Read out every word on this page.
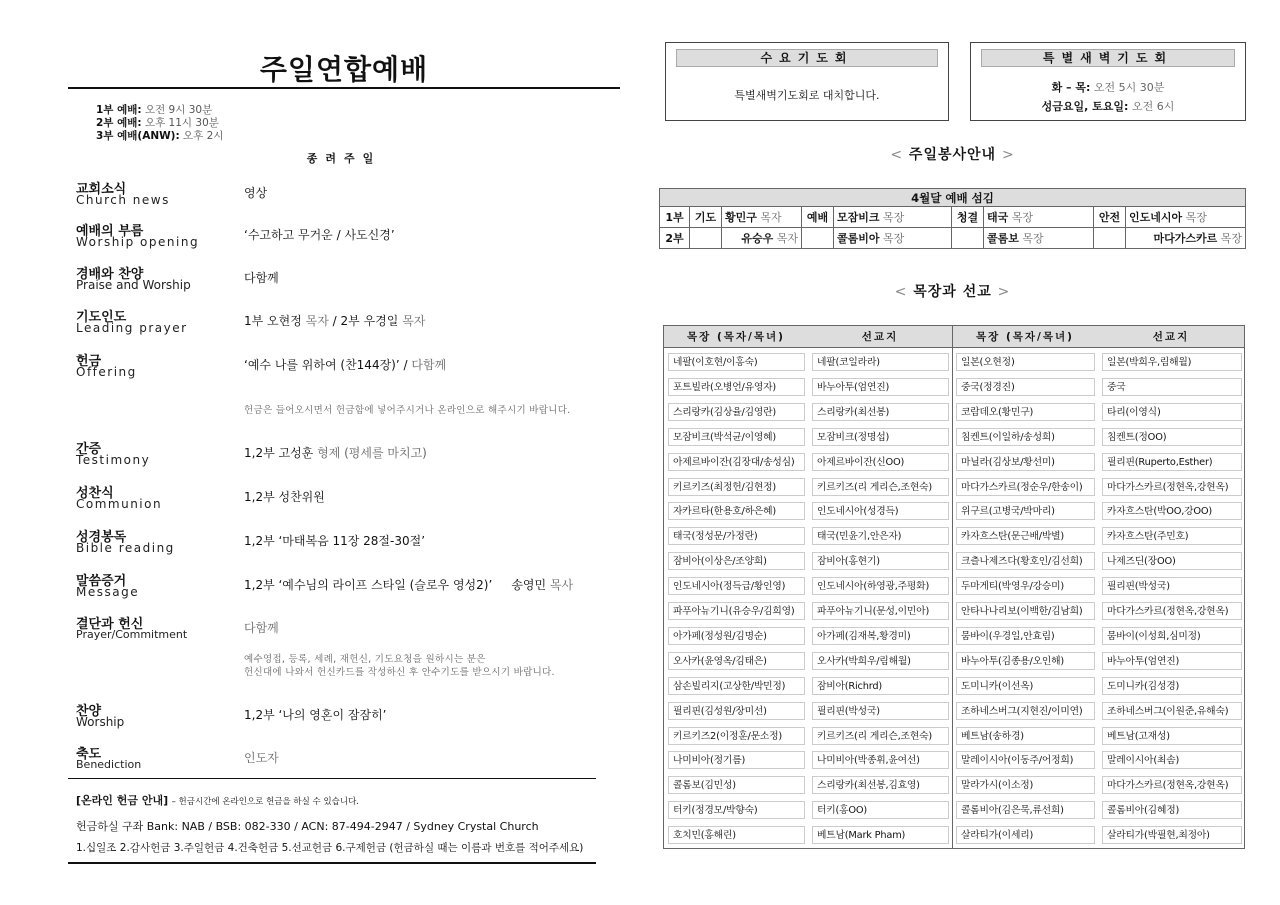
주일연합예배
1부 예배: 오전 9시 30분
2부 예배: 오후 11시 30분
3부 예배(ANW): 오후 2시
종려주일
교회소식
Church news	영상
예배의 부름
Worship opening	‘수고하고 무거운 / 사도신경’
경배와 찬양
Praise and Worship	다함께
기도인도
Leading prayer	1부 오현정 목자 / 2부 우경일 목자
헌금
Offering	‘예수 나를 위하여 (찬144장)’ / 다함께
헌금은 들어오시면서 헌금함에 넣어주시거나 온라인으로 해주시기 바랍니다.
간증
Testimony	1,2부 고성훈 형제 (평세를 마치고)
성찬식
Communion	1,2부 성찬위원
성경봉독
Bible reading	1,2부 ‘마태복음 11장 28절-30절’
말씀증거
Message	1,2부 ‘예수님의 라이프 스타일 (슬로우 영성2)’     송영민 목사
결단과 헌신
Prayer/Commitment	다함께
예수영접, 등록, 세례, 재헌신, 기도요청을 원하시는 분은
헌신대에 나와서 헌신카드를 작성하신 후 안수기도를 받으시기 바랍니다.
찬양
Worship	1,2부 ‘나의 영혼이 잠잠히’
축도
Benediction	인도자
[온라인 헌금 안내] – 헌금시간에 온라인으로 헌금을 하실 수 있습니다.
헌금하실 구좌 Bank: NAB / BSB: 082-330 / ACN: 87-494-2947 / Sydney Crystal Church
1.십일조 2.감사헌금 3.주일헌금 4.건축헌금 5.선교헌금 6.구제헌금 (헌금하실 때는 이름과 번호를 적어주세요)
수요기도회
특별새벽기도회로 대치합니다.
특별새벽기도회
화 – 목: 오전 5시 30분
성금요일, 토요일: 오전 6시
< 주일봉사안내 >
4월달 예배 섬김								
1부	기도	황민구 목자	예배	모잠비크 목장	청결	태국 목장	안전	인도네시아 목장
2부		유승우 목자		콜롬비아 목장		콜롬보 목장		마다가스카르 목장
< 목장과 선교 >
목장 (목자/목녀)	선교지	목장 (목자/목녀)	선교지
네팔(이호현/이홍숙)	네팔(코일라라)	일본(오현정)	일본(박희우,림해월)
포트빌라(오병언/유영자)	바누아투(엄연진)	중국(정경진)	중국
스리랑카(김상율/김영란)	스리랑카(최선봉)	코람데오(황민구)	타리(이영식)
모잠비크(박석균/이영혜)	모잠비크(정명섭)	침켄트(이일하/송성희)	침켄트(정OO)
아제르바이잔(김장대/송성심)	아제르바이잔(신OO)	마닐라(김상보/황선미)	필리핀(Ruperto,Esther)
키르키즈(최정헌/김현정)	키르키즈(리 게리슨,조현숙)	마다가스카르(정순우/한송이)	마다가스카르(정현옥,강현옥)
자카르타(한용호/하은혜)	인도네시아(성경득)	위구르(고병국/박마리)	카자흐스탄(박OO,강OO)
태국(정성문/가정란)	태국(민윤기,안은자)	카자흐스탄(문근배/박별)	카자흐스탄(주민호)
잠비아(이상은/조양희)	잠비아(홍현기)	크츨나제즈다(황호인/김선희)	나제즈딘(장OO)
인도네시아(정득급/황인영)	인도네시아(하영광,주평화)	두마게티(박영우/강승미)	필리핀(박성국)
파푸아뉴기니(유승우/김희영)	파푸아뉴기니(문성,이민아)	안타나나리보(이백한/김남희)	마다가스카르(정현옥,강현옥)
아가페(정성원/김명순)	아가페(김재복,황경미)	뭄바이(우경일,안효림)	뭄바이(이성희,심미정)
오사카(윤영옥/김태은)	오사카(박희우/림해월)	바누아투(김종용/오인해)	바누아투(엄연진)
삼손빌리지(고상한/박민정)	잠비아(Richrd)	도미니카(이선옥)	도미니카(김성경)
필리핀(김성원/장미선)	필리핀(박성국)	조하네스버그(지현진/이미연)	조하네스버그(이원준,유해숙)
키르키즈2(이정훈/문소정)	키르키즈(리 게리슨,조현숙)	베트남(송하경)	베트남(고재성)
나미비아(정기름)	나미비아(박종휘,윤여선)	말레이시아(이동주/어정희)	말레이시아(최솜)
콜롬보(김민성)	스리랑카(최선봉,김효영)	말라가시(이소정)	마다가스카르(정현옥,강현옥)
터키(정경모/박향숙)	터키(홍OO)	콜롬비아(김은묵,류선희)	콜롬비아(김혜정)
호치민(홍해린)	베트남(Mark Pham)	살라티가(이세리)	살라티가(박필현,최정아)
